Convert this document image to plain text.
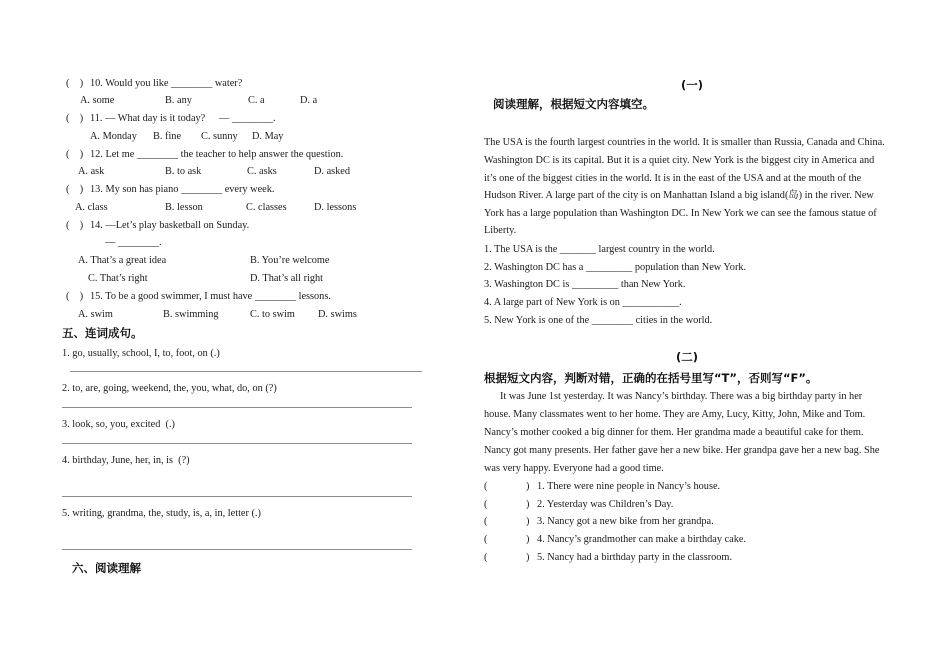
(    ) 10. Would you like ________ water?
A. some	B. any	C. a	D. a
(    ) 11. — What day is it today? — ________.
A. Monday B. fine C. sunny D. May
(    ) 12. Let me ________ the teacher to help answer the question.
A. ask	B. to ask	C. asks	D. asked
(    ) 13. My son has piano ________ every week.
A. class	B. lesson	C. classes	D. lessons
(    ) 14. —Let’s play basketball on Sunday.
— ________.
A. That’s a great idea	B. You’re welcome
C. That’s right	D. That’s all right
(    ) 15. To be a good swimmer, I must have ________ lessons.
A. swim	B. swimming	C. to swim D. swims
五、连词成句。
1. go, usually, school, I, to, foot, on (.)
2. to, are, going, weekend, the, you, what, do, on (?)
3. look, so, you, excited  (.)
4. birthday, June, her, in, is  (?)
5. writing, grandma, the, study, is, a, in, letter (.)
六、阅读理解
(一)
阅读理解，根据短文内容填空。
The USA is the fourth largest countries in the world. It is smaller than Russia, Canada and China.
Washington DC is its capital. But it is a quiet city. New York is the biggest city in America and
it’s one of the biggest cities in the world. It is in the east of the USA and at the mouth of the
Hudson River. A large part of the city is on Manhattan Island a big island(岛) in the river. New
York has a large population than Washington DC. In New York we can see the famous statue of
Liberty.
1. The USA is the _______ largest country in the world.
2. Washington DC has a _________ population than New York.
3. Washington DC is _________ than New York.
4. A large part of New York is on ___________.
5. New York is one of the ________ cities in the world.
(二)
根据短文内容，判断对错，正确的在括号里写“T”，否则写“F”。
It was June 1st yesterday. It was Nancy’s birthday. There was a big birthday party in her
house. Many classmates went to her home. They are Amy, Lucy, Kitty, John, Mike and Tom.
Nancy’s mother cooked a big dinner for them. Her grandma made a beautiful cake for them.
Nancy got many presents. Her father gave her a new bike. Her grandpa gave her a new bag. She
was very happy. Everyone had a good time.
(               ) 1. There were nine people in Nancy’s house.
(               ) 2. Yesterday was Children’s Day.
(               ) 3. Nancy got a new bike from her grandpa.
(               ) 4. Nancy’s grandmother can make a birthday cake.
(               ) 5. Nancy had a birthday party in the classroom.
